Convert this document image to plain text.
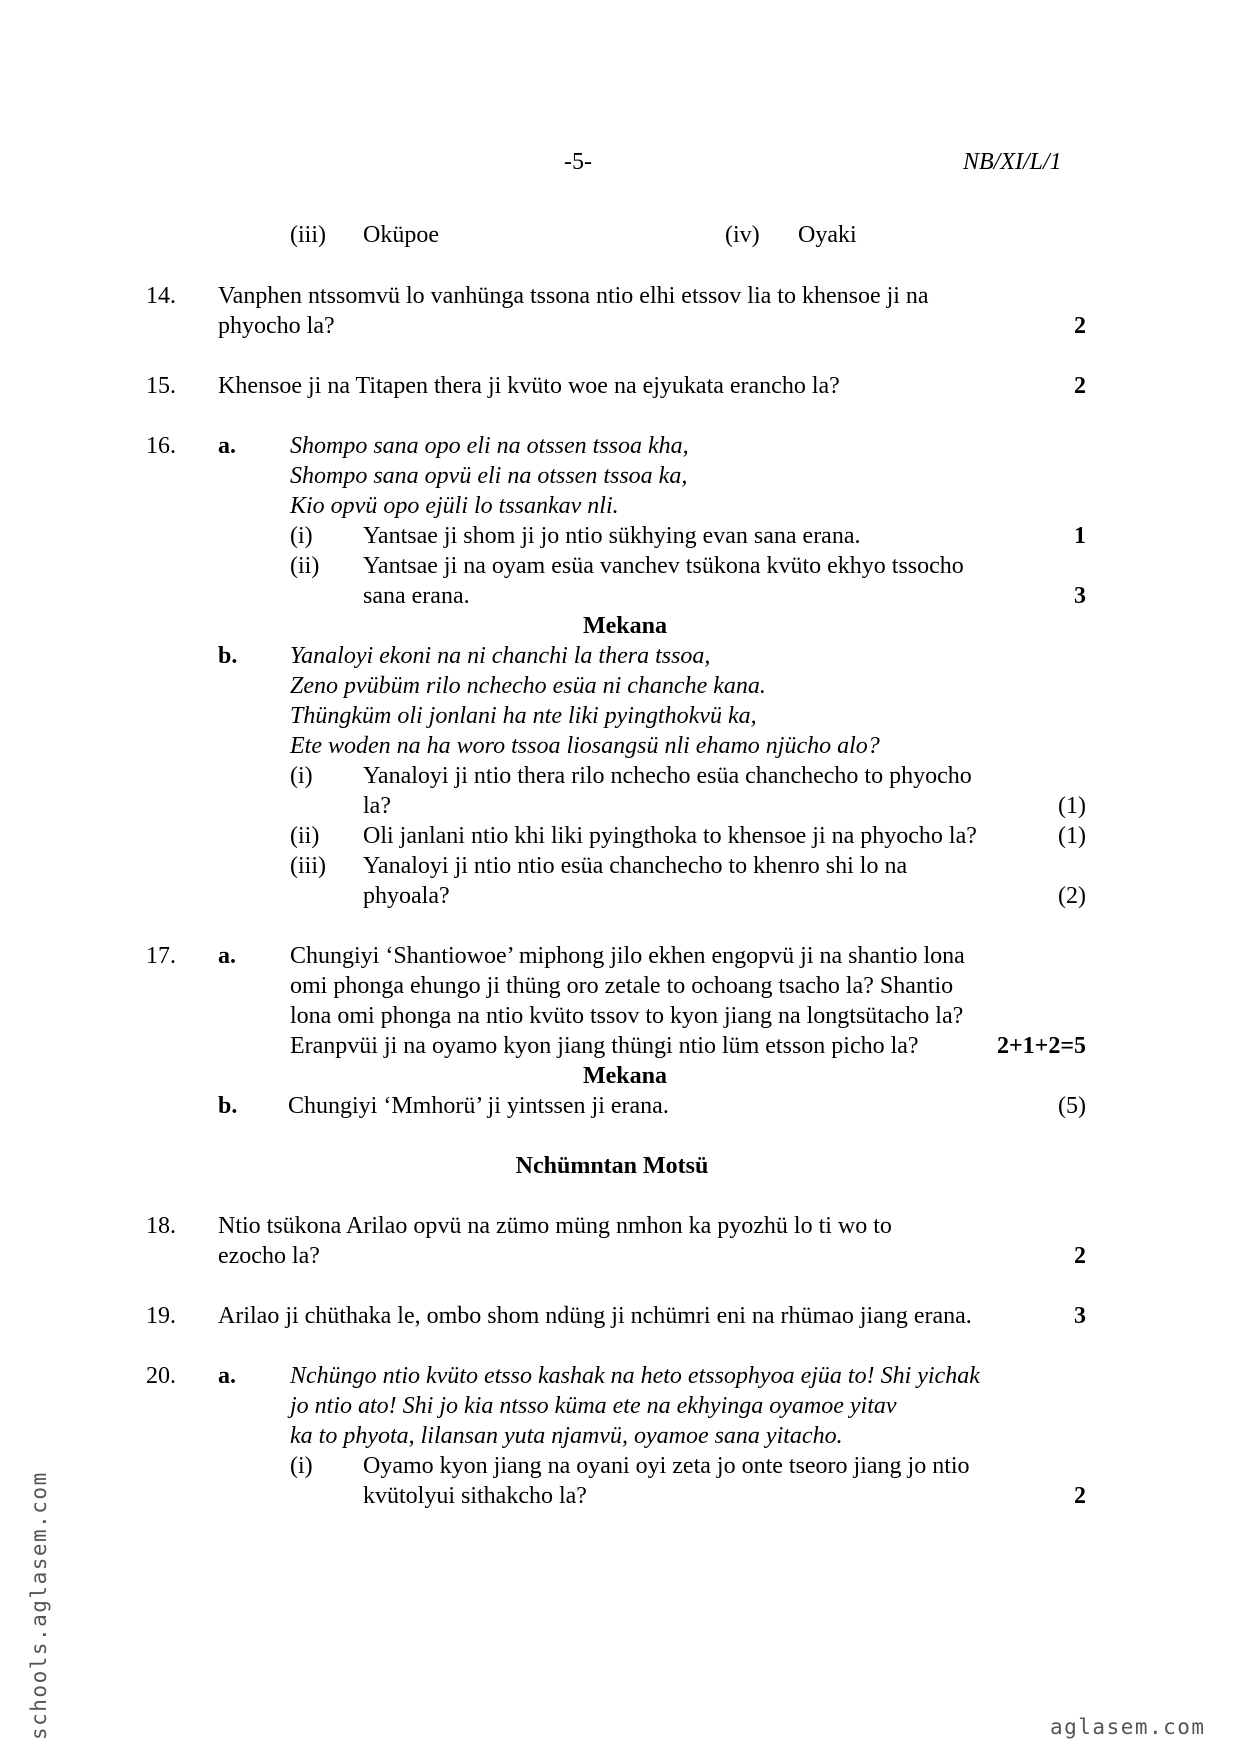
-5-	NB/XI/L/1
(iii) Oküpoe	(iv) Oyaki
14. Vanphen ntssomvü lo vanhünga tssona ntio elhi etssov lia to khensoe ji na
phyocho la?	2
15. Khensoe ji na Titapen thera ji kvüto woe na ejyukata erancho la?	2
16. a. Shompo sana opo eli na otssen tssoa kha,
Shompo sana opvü eli na otssen tssoa ka,
Kio opvü opo ejüli lo tssankav nli.
(i) Yantsae ji shom ji jo ntio sükhying evan sana erana.	1
(ii) Yantsae ji na oyam esüa vanchev tsükona kvüto ekhyo tssocho
sana erana.	3
Mekana
b. Yanaloyi ekoni na ni chanchi la thera tssoa,
Zeno pvübüm rilo nchecho esüa ni chanche kana.
Thüngküm oli jonlani ha nte liki pyingthokvü ka,
Ete woden na ha woro tssoa liosangsü nli ehamo njücho alo?
(i) Yanaloyi ji ntio thera rilo nchecho esüa chanchecho to phyocho
la?	(1)
(ii) Oli janlani ntio khi liki pyingthoka to khensoe ji na phyocho la?	(1)
(iii) Yanaloyi ji ntio ntio esüa chanchecho to khenro shi lo na
phyoala?	(2)
17. a. Chungiyi ‘Shantiowoe’ miphong jilo ekhen engopvü ji na shantio lona
omi phonga ehungo ji thüng oro zetale to ochoang tsacho la? Shantio
lona omi phonga na ntio kvüto tssov to kyon jiang na longtsütacho la?
Eranpvüi ji na oyamo kyon jiang thüngi ntio lüm etsson picho la?	2+1+2=5
Mekana
b. Chungiyi ‘Mmhorü’ ji yintssen ji erana.	(5)
Nchümntan Motsü
18. Ntio tsükona Arilao opvü na zümo müng nmhon ka pyozhü lo ti wo to
ezocho la?	2
19. Arilao ji chüthaka le, ombo shom ndüng ji nchümri eni na rhümao jiang erana.	3
20. a. Nchüngo ntio kvüto etsso kashak na heto etssophyoa ejüa to! Shi yichak
jo ntio ato! Shi jo kia ntsso küma ete na ekhyinga oyamoe yitav
ka to phyota, lilansan yuta njamvü, oyamoe sana yitacho.
(i) Oyamo kyon jiang na oyani oyi zeta jo onte tseoro jiang jo ntio
kvütolyui sithakcho la?	2
schools.aglasem.com	aglasem.com
